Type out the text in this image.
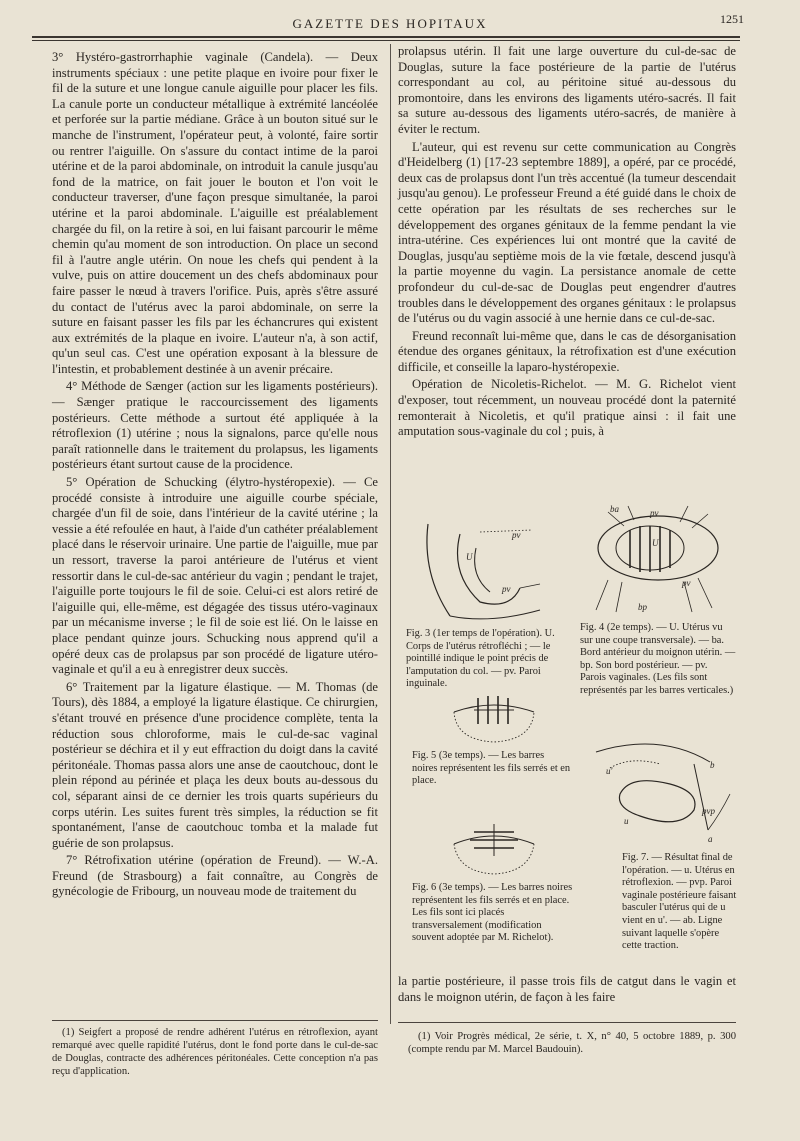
GAZETTE DES HOPITAUX	1251

3° Hystéro-gastrorrhaphie vaginale (Candela). — Deux instruments spéciaux : une petite plaque en ivoire pour fixer le fil de la suture et une longue canule aiguille pour placer les fils. La canule porte un conducteur métallique à extrémité lancéolée et perforée sur la partie médiane. Grâce à un bouton situé sur le manche de l'instrument, l'opérateur peut, à volonté, faire sortir ou rentrer l'aiguille. On s'assure du contact intime de la paroi utérine et de la paroi abdominale, on introduit la canule jusqu'au fond de la matrice, on fait jouer le bouton et l'on voit le conducteur traverser, d'une façon presque simultanée, la paroi utérine et la paroi abdominale. L'aiguille est préalablement chargée du fil, on la retire à soi, en lui faisant parcourir le même chemin qu'au moment de son introduction. On place un second fil à l'autre angle utérin. On noue les chefs qui pendent à la vulve, puis on attire doucement un des chefs abdominaux pour faire passer le nœud à travers l'orifice. Puis, après s'être assuré du contact de l'utérus avec la paroi abdominale, on serre la suture en faisant passer les fils par les échancrures qui existent aux extrémités de la plaque en ivoire. L'auteur n'a, à son actif, qu'un seul cas. C'est une opération exposant à la blessure de l'intestin, et probablement destinée à un avenir précaire.

4° Méthode de Sænger (action sur les ligaments postérieurs). — Sænger pratique le raccourcissement des ligaments postérieurs. Cette méthode a surtout été appliquée à la rétroflexion (1) utérine ; nous la signalons, parce qu'elle nous paraît rationnelle dans le traitement du prolapsus, les ligaments postérieurs étant surtout cause de la procidence.

5° Opération de Schucking (élytro-hystéropexie). — Ce procédé consiste à introduire une aiguille courbe spéciale, chargée d'un fil de soie, dans l'intérieur de la cavité utérine ; la vessie a été refoulée en haut, à l'aide d'un cathéter préalablement placé dans le réservoir urinaire. Une partie de l'aiguille, mue par un ressort, traverse la paroi antérieure de l'utérus et vient ressortir dans le cul-de-sac antérieur du vagin ; pendant le trajet, l'aiguille porte toujours le fil de soie. Celui-ci est alors retiré de l'aiguille qui, elle-même, est dégagée des tissus utéro-vaginaux par un mécanisme inverse ; le fil de soie est lié. On le laisse en place pendant quinze jours. Schucking nous apprend qu'il a opéré deux cas de prolapsus par son procédé de ligature utéro-vaginale et qu'il a eu à enregistrer deux succès.

6° Traitement par la ligature élastique. — M. Thomas (de Tours), dès 1884, a employé la ligature élastique. Ce chirurgien, s'étant trouvé en présence d'une procidence complète, tenta la réduction sous chloroforme, mais le cul-de-sac vaginal postérieur se déchira et il y eut effraction du doigt dans la cavité péritonéale. Thomas passa alors une anse de caoutchouc, dont le plein répond au périnée et plaça les deux bouts au-dessous du col, séparant ainsi de ce dernier les trois quarts supérieurs du corps utérin. Les suites furent très simples, la réduction se fit spontanément, l'anse de caoutchouc tomba et la malade fut guérie de son prolapsus.

7° Rétrofixation utérine (opération de Freund). — W.-A. Freund (de Strasbourg) a fait connaître, au Congrès de gynécologie de Fribourg, un nouveau mode de traitement du

(1) Seigfert a proposé de rendre adhérent l'utérus en rétroflexion, ayant remarqué avec quelle rapidité l'utérus, dont le fond porte dans le cul-de-sac de Douglas, contracte des adhérences péritonéales. Cette conception n'a pas reçu d'application.

prolapsus utérin. Il fait une large ouverture du cul-de-sac de Douglas, suture la face postérieure de la partie de l'utérus correspondant au col, au péritoine situé au-dessous du promontoire, dans les environs des ligaments utéro-sacrés. Il fait sa suture au-dessous des ligaments utéro-sacrés, de manière à éviter le rectum.

L'auteur, qui est revenu sur cette communication au Congrès d'Heidelberg (1) [17-23 septembre 1889], a opéré, par ce procédé, deux cas de prolapsus dont l'un très accentué (la tumeur descendait jusqu'au genou). Le professeur Freund a été guidé dans le choix de cette opération par les résultats de ses recherches sur le développement des organes génitaux de la femme pendant la vie intra-utérine. Ces expériences lui ont montré que la cavité de Douglas, jusqu'au septième mois de la vie fœtale, descend jusqu'à la partie moyenne du vagin. La persistance anomale de cette profondeur du cul-de-sac de Douglas peut engendrer d'autres troubles dans le développement des organes génitaux : le prolapsus de l'utérus ou du vagin associé à une hernie dans ce cul-de-sac.

Freund reconnaît lui-même que, dans le cas de désorganisation étendue des organes génitaux, la rétrofixation est d'une exécution difficile, et conseille la laparo-hystéropexie.

Opération de Nicoletis-Richelot. — M. G. Richelot vient d'exposer, tout récemment, un nouveau procédé dont la paternité remonterait à Nicoletis, et qu'il pratique ainsi : il fait une amputation sous-vaginale du col ; puis, à

pv
U
pv
Fig. 3 (1er temps de l'opération). U. Corps de l'utérus rétrofléchi ; — le pointillé indique le point précis de l'amputation du col. — pv. Paroi inguinale.
ba	pv
U
pv
bp
Fig. 4 (2e temps). — U. Utérus vu sur une coupe transversale). — ba. Bord antérieur du moignon utérin. — bp. Son bord postérieur. — pv. Parois vaginales. (Les fils sont représentés par les barres verticales.)
Fig. 5 (3e temps). — Les barres noires représentent les fils serrés et en place.
Fig. 6 (3e temps). — Les barres noires représentent les fils serrés et en place. Les fils sont ici placés transversalement (modification souvent adoptée par M. Richelot).
u'
b
u
pvp
a
Fig. 7. — Résultat final de l'opération. — u. Utérus en rétroflexion. — pvp. Paroi vaginale postérieure faisant basculer l'utérus qui de u vient en u'. — ab. Ligne suivant laquelle s'opère cette traction.

la partie postérieure, il passe trois fils de catgut dans le vagin et dans le moignon utérin, de façon à les faire

(1) Voir Progrès médical, 2e série, t. X, n° 40, 5 octobre 1889, p. 300 (compte rendu par M. Marcel Baudouin).
